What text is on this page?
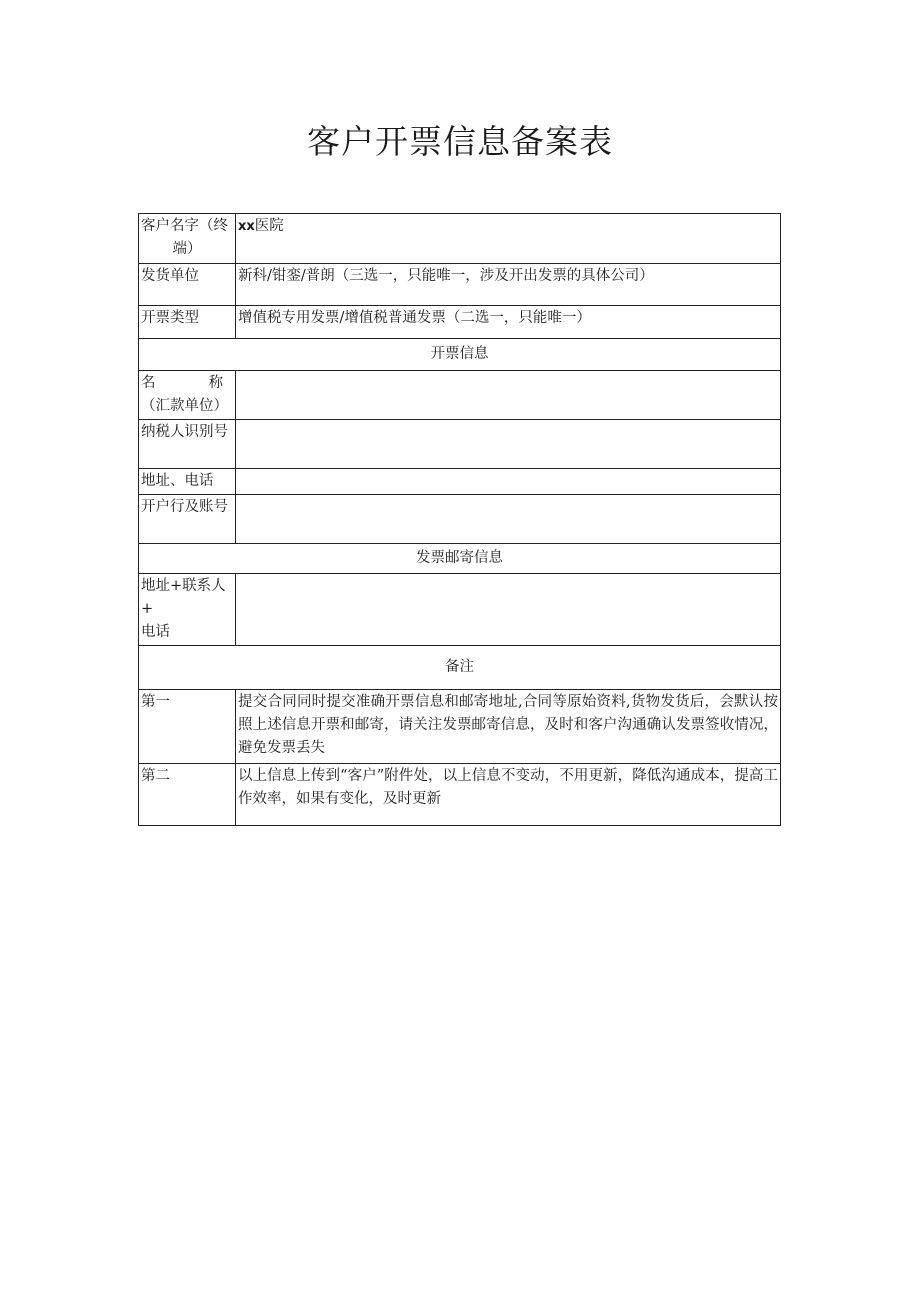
客户开票信息备案表
客户名字（终

端）	xx医院
发货单位	新科/钳銮/普朗（三选一，只能唯一，涉及开出发票的具体公司）
开票类型	增值税专用发票/增值税普通发票（二选一，只能唯一）
开票信息	

名 称
（汇款单位）	
纳税人识别号	
地址、电话	
开户行及账号	
发票邮寄信息	
地址+联系人+
电话	
备注	
第一	提交合同同时提交准确开票信息和邮寄地址,合同等原始资料,货物发货后，会默认按照上述信息开票和邮寄，请关注发票邮寄信息，及时和客户沟通确认发票签收情况，避免发票丢失
第二	以上信息上传到“客户”附件处，以上信息不变动，不用更新，降低沟通成本，提高工作效率，如果有变化，及时更新
